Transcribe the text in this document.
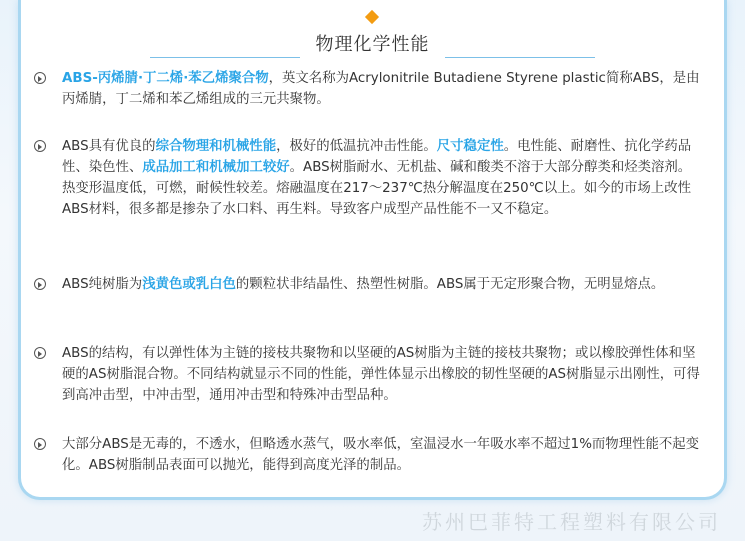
物理化学性能
ABS-丙烯腈·丁二烯·苯乙烯聚合物，英文名称为Acrylonitrile Butadiene Styrene plastic简称ABS，是由丙烯腈，丁二烯和苯乙烯组成的三元共聚物。
ABS具有优良的综合物理和机械性能，极好的低温抗冲击性能。尺寸稳定性。电性能、耐磨性、抗化学药品性、染色性、成品加工和机械加工较好。ABS树脂耐水、无机盐、碱和酸类不溶于大部分醇类和烃类溶剂。热变形温度低，可燃，耐候性较差。熔融温度在217～237℃热分解温度在250℃以上。如今的市场上改性ABS材料，很多都是掺杂了水口料、再生料。导致客户成型产品性能不一又不稳定。
ABS纯树脂为浅黄色或乳白色的颗粒状非结晶性、热塑性树脂。ABS属于无定形聚合物，无明显熔点。
ABS的结构，有以弹性体为主链的接枝共聚物和以坚硬的AS树脂为主链的接枝共聚物；或以橡胶弹性体和坚硬的AS树脂混合物。不同结构就显示不同的性能，弹性体显示出橡胶的韧性坚硬的AS树脂显示出刚性，可得到高冲击型，中冲击型，通用冲击型和特殊冲击型品种。
大部分ABS是无毒的，不透水，但略透水蒸气，吸水率低，室温浸水一年吸水率不超过1%而物理性能不起变化。ABS树脂制品表面可以抛光，能得到高度光泽的制品。
苏州巴菲特工程塑料有限公司
